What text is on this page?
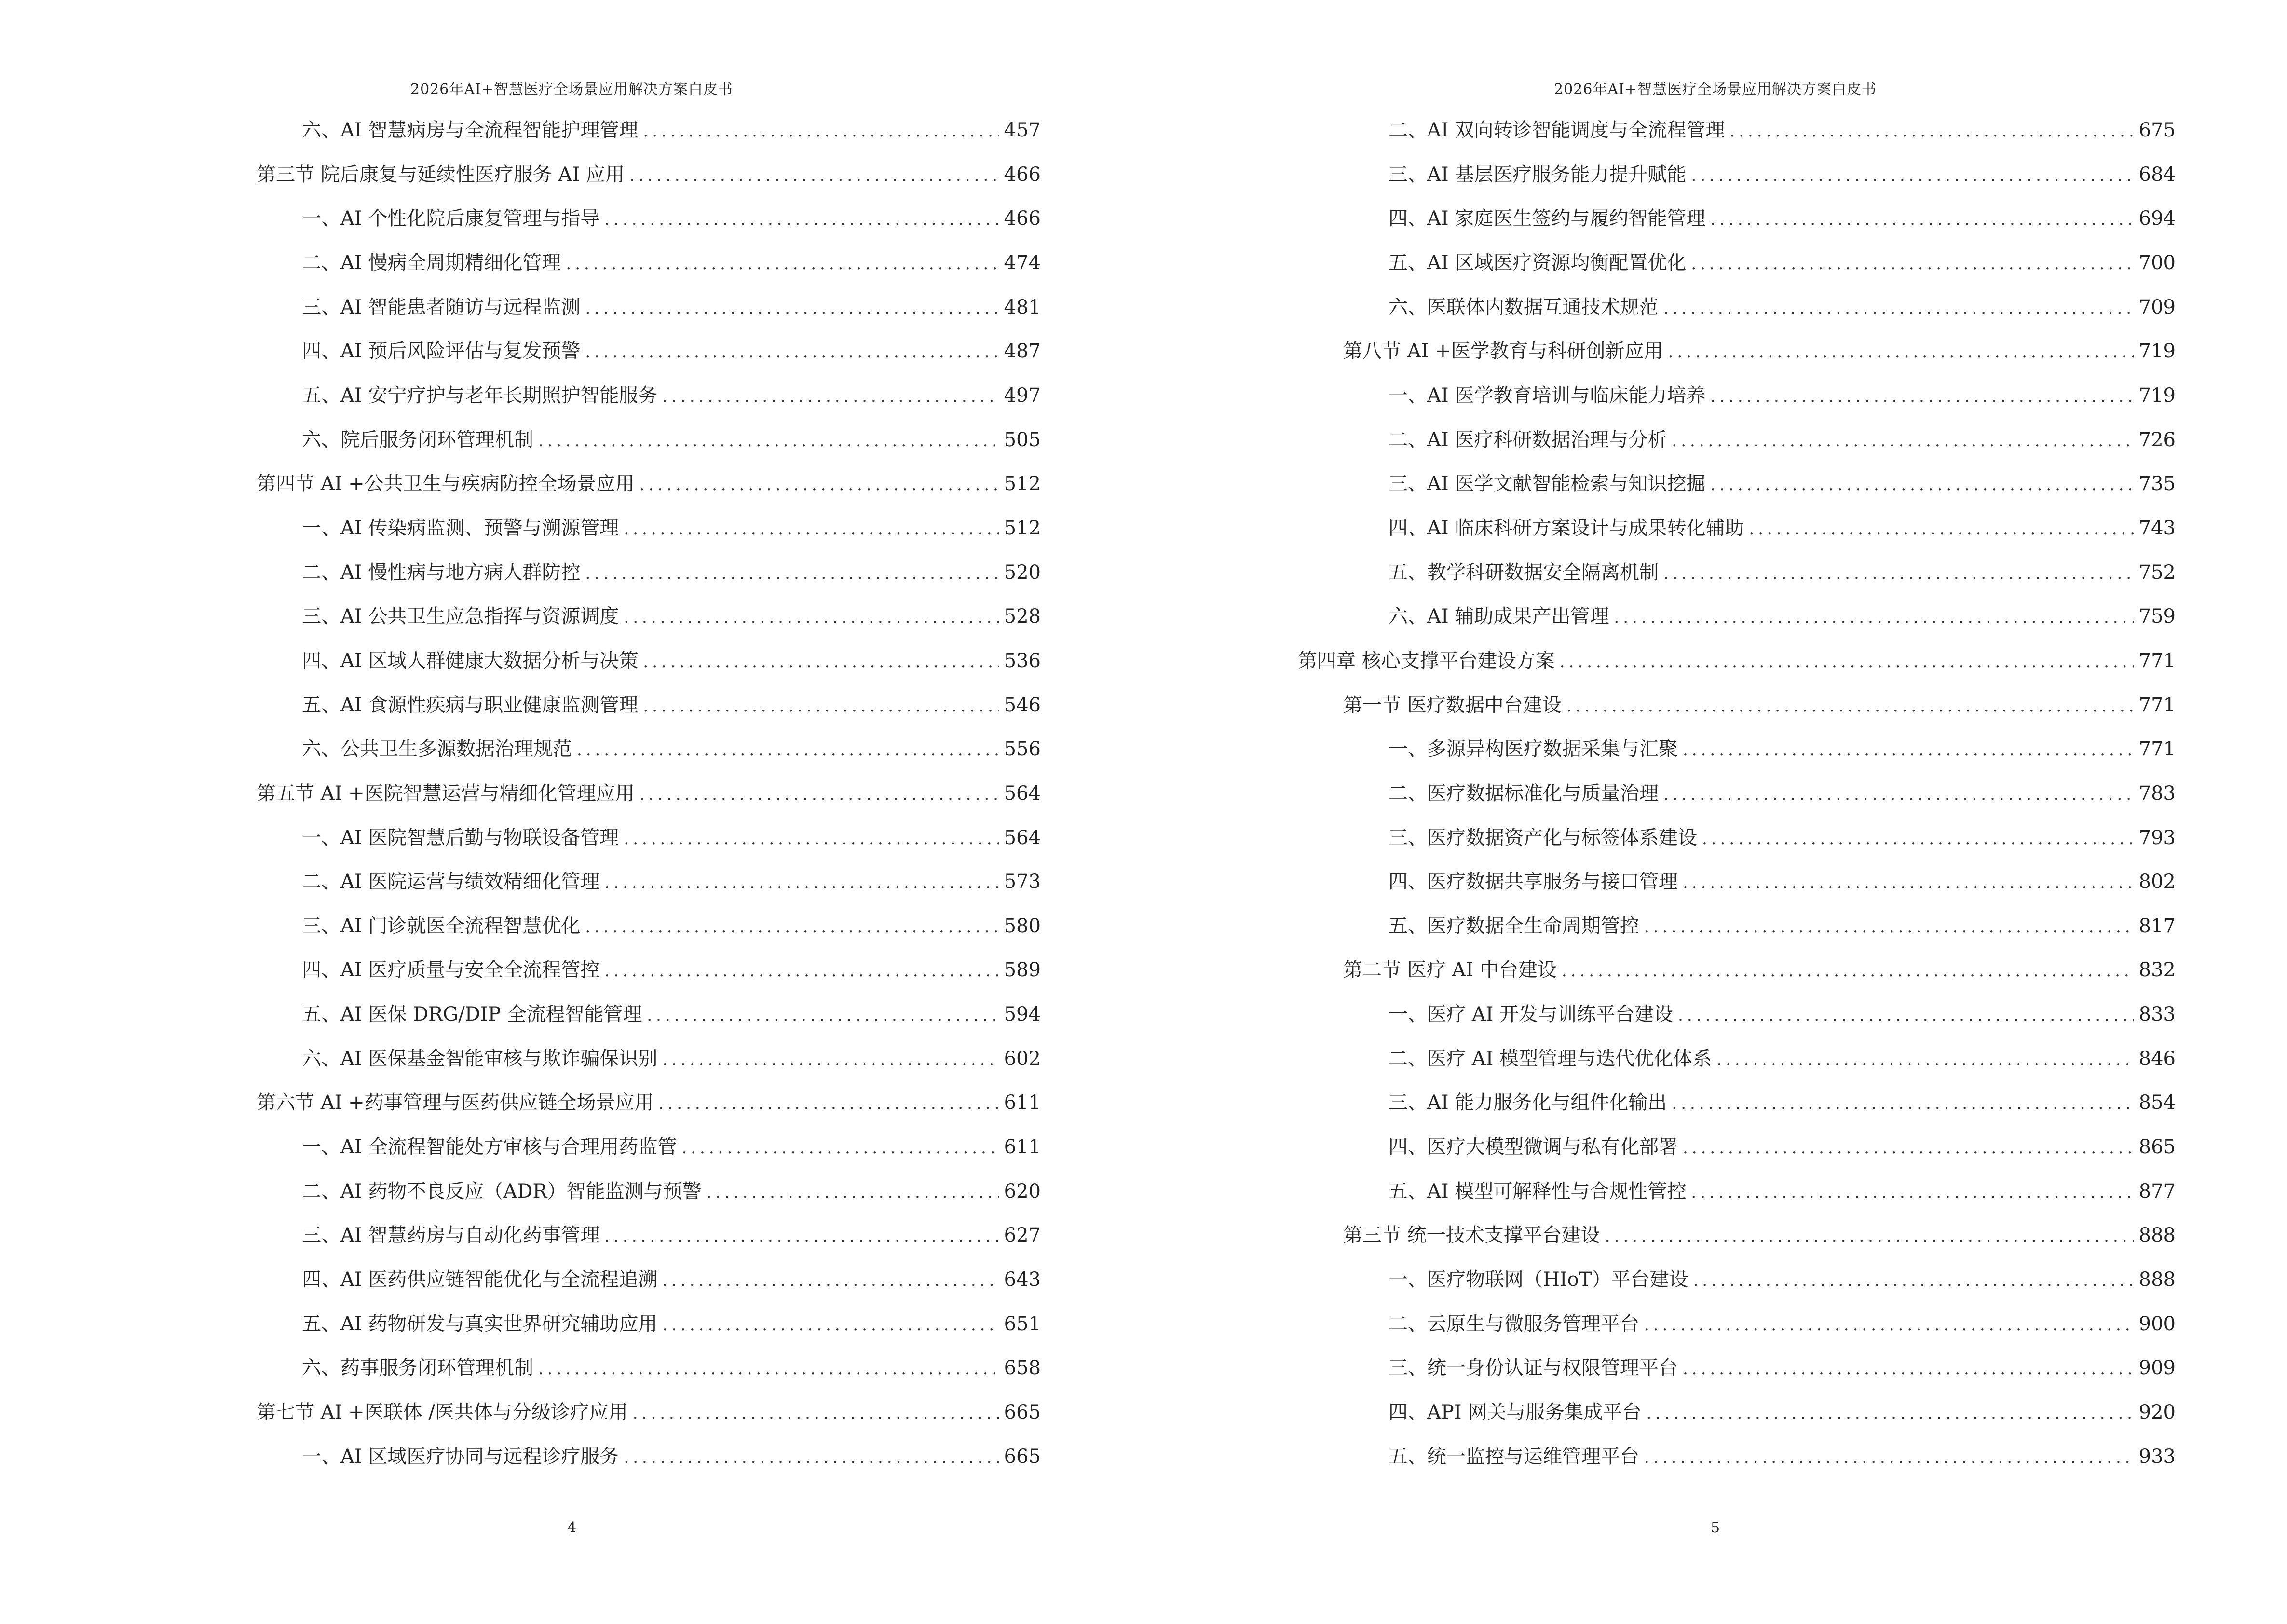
2026年AI+智慧医疗全场景应用解决方案白皮书
六、AI 智慧病房与全流程智能护理管理 .....	457
第三节 院后康复与延续性医疗服务 AI 应用 .....	466
一、AI 个性化院后康复管理与指导 .....	466
二、AI 慢病全周期精细化管理 .....	474
三、AI 智能患者随访与远程监测 .....	481
四、AI 预后风险评估与复发预警 .....	487
五、AI 安宁疗护与老年长期照护智能服务 .....	497
六、院后服务闭环管理机制 .....	505
第四节 AI +公共卫生与疾病防控全场景应用 .....	512
一、AI 传染病监测、预警与溯源管理 .....	512
二、AI 慢性病与地方病人群防控 .....	520
三、AI 公共卫生应急指挥与资源调度 .....	528
四、AI 区域人群健康大数据分析与决策 .....	536
五、AI 食源性疾病与职业健康监测管理 .....	546
六、公共卫生多源数据治理规范 .....	556
第五节 AI +医院智慧运营与精细化管理应用 .....	564
一、AI 医院智慧后勤与物联设备管理 .....	564
二、AI 医院运营与绩效精细化管理 .....	573
三、AI 门诊就医全流程智慧优化 .....	580
四、AI 医疗质量与安全全流程管控 .....	589
五、AI 医保 DRG/DIP 全流程智能管理 .....	594
六、AI 医保基金智能审核与欺诈骗保识别 .....	602
第六节 AI +药事管理与医药供应链全场景应用 .....	611
一、AI 全流程智能处方审核与合理用药监管 .....	611
二、AI 药物不良反应（ADR）智能监测与预警 .....	620
三、AI 智慧药房与自动化药事管理 .....	627
四、AI 医药供应链智能优化与全流程追溯 .....	643
五、AI 药物研发与真实世界研究辅助应用 .....	651
六、药事服务闭环管理机制 .....	658
第七节 AI +医联体 /医共体与分级诊疗应用 .....	665
一、AI 区域医疗协同与远程诊疗服务 .....	665
4
2026年AI+智慧医疗全场景应用解决方案白皮书
二、AI 双向转诊智能调度与全流程管理 .....	675
三、AI 基层医疗服务能力提升赋能 .....	684
四、AI 家庭医生签约与履约智能管理 .....	694
五、AI 区域医疗资源均衡配置优化 .....	700
六、医联体内数据互通技术规范 .....	709
第八节 AI +医学教育与科研创新应用 .....	719
一、AI 医学教育培训与临床能力培养 .....	719
二、AI 医疗科研数据治理与分析 .....	726
三、AI 医学文献智能检索与知识挖掘 .....	735
四、AI 临床科研方案设计与成果转化辅助 .....	743
五、教学科研数据安全隔离机制 .....	752
六、AI 辅助成果产出管理 .....	759
第四章 核心支撑平台建设方案 .....	771
第一节 医疗数据中台建设 .....	771
一、多源异构医疗数据采集与汇聚 .....	771
二、医疗数据标准化与质量治理 .....	783
三、医疗数据资产化与标签体系建设 .....	793
四、医疗数据共享服务与接口管理 .....	802
五、医疗数据全生命周期管控 .....	817
第二节 医疗 AI 中台建设 .....	832
一、医疗 AI 开发与训练平台建设 .....	833
二、医疗 AI 模型管理与迭代优化体系 .....	846
三、AI 能力服务化与组件化输出 .....	854
四、医疗大模型微调与私有化部署 .....	865
五、AI 模型可解释性与合规性管控 .....	877
第三节 统一技术支撑平台建设 .....	888
一、医疗物联网（HIoT）平台建设 .....	888
二、云原生与微服务管理平台 .....	900
三、统一身份认证与权限管理平台 .....	909
四、API 网关与服务集成平台 .....	920
五、统一监控与运维管理平台 .....	933
5
